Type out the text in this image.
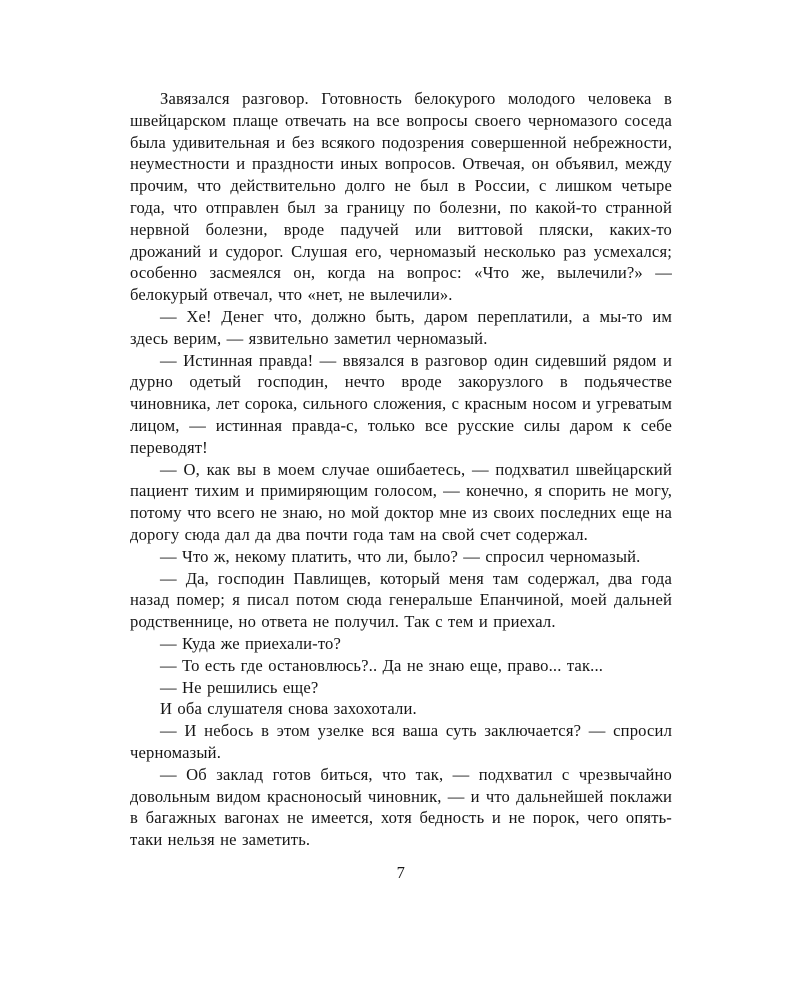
Завязался разговор. Готовность белокурого молодого человека в швейцарском плаще отвечать на все вопросы своего черномазого соседа была удивительная и без всякого подозрения совершенной небрежности, неуместности и праздности иных вопросов. Отвечая, он объявил, между прочим, что действительно долго не был в России, с лишком четыре года, что отправлен был за границу по болезни, по какой-то странной нервной болезни, вроде падучей или виттовой пляски, каких-то дрожаний и судорог. Слушая его, черномазый несколько раз усмехался; особенно засмеялся он, когда на вопрос: «Что же, вылечили?» — белокурый отвечал, что «нет, не вылечили».

— Хе! Денег что, должно быть, даром переплатили, а мы-то им здесь верим, — язвительно заметил черномазый.

— Истинная правда! — ввязался в разговор один сидевший рядом и дурно одетый господин, нечто вроде закорузлого в подьячестве чиновника, лет сорока, сильного сложения, с красным носом и угреватым лицом, — истинная правда-с, только все русские силы даром к себе переводят!

— О, как вы в моем случае ошибаетесь, — подхватил швейцарский пациент тихим и примиряющим голосом, — конечно, я спорить не могу, потому что всего не знаю, но мой доктор мне из своих последних еще на дорогу сюда дал да два почти года там на свой счет содержал.

— Что ж, некому платить, что ли, было? — спросил черномазый.

— Да, господин Павлищев, который меня там содержал, два года назад помер; я писал потом сюда генеральше Епанчиной, моей дальней родственнице, но ответа не получил. Так с тем и приехал.

— Куда же приехали-то?

— То есть где остановлюсь?.. Да не знаю еще, право... так...

— Не решились еще?

И оба слушателя снова захохотали.

— И небось в этом узелке вся ваша суть заключается? — спросил черномазый.

— Об заклад готов биться, что так, — подхватил с чрезвычайно довольным видом красноносый чиновник, — и что дальнейшей поклажи в багажных вагонах не имеется, хотя бедность и не порок, чего опять-таки нельзя не заметить.

7
